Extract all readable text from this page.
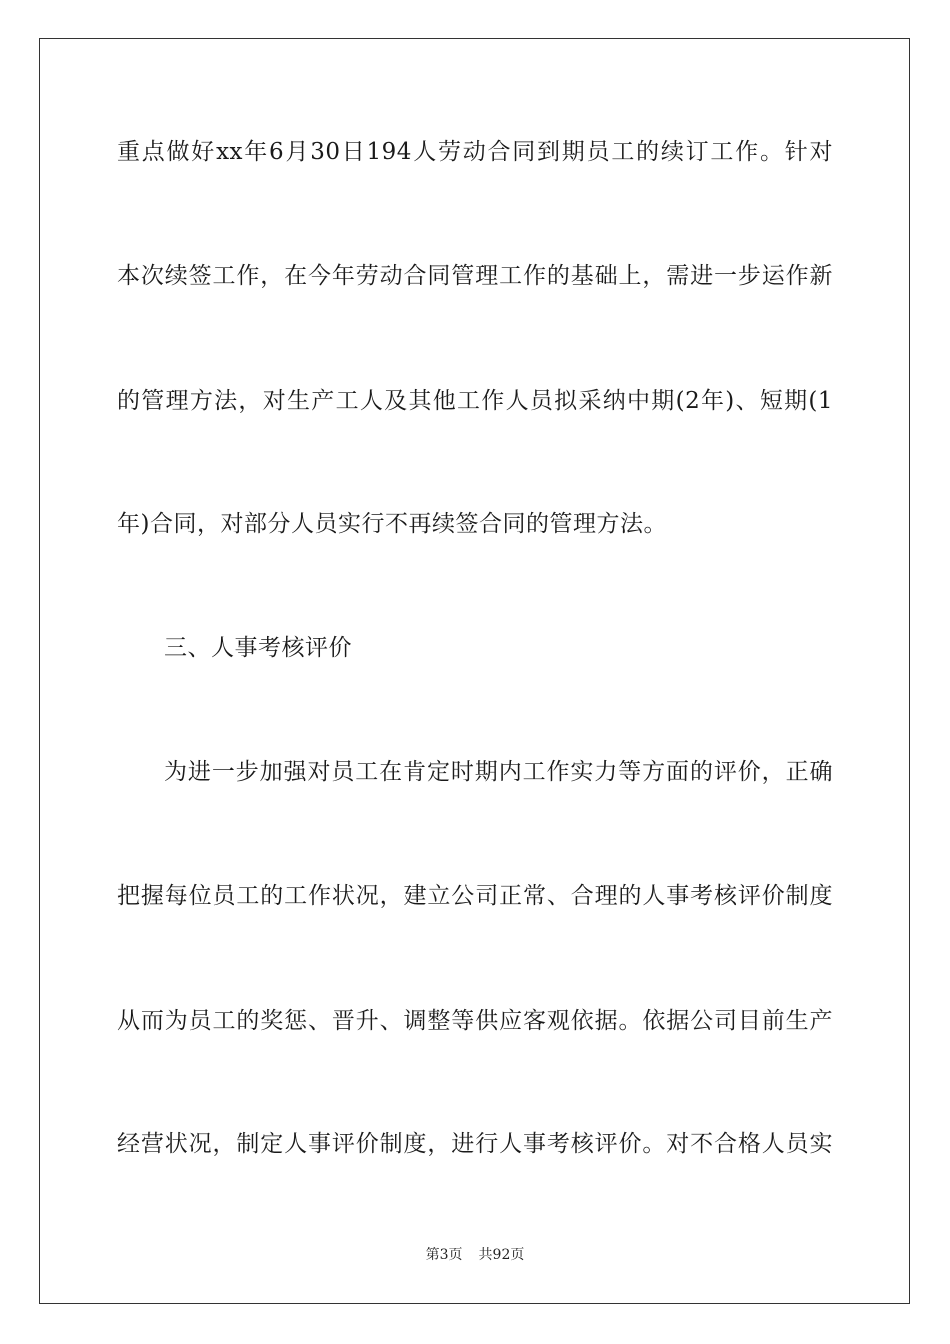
重点做好xx年6月30日194人劳动合同到期员工的续订工作。针对
本次续签工作，在今年劳动合同管理工作的基础上，需进一步运作新
的管理方法，对生产工人及其他工作人员拟采纳中期(2年)、短期(1
年)合同，对部分人员实行不再续签合同的管理方法。
三、人事考核评价
为进一步加强对员工在肯定时期内工作实力等方面的评价，正确
把握每位员工的工作状况，建立公司正常、合理的人事考核评价制度
从而为员工的奖惩、晋升、调整等供应客观依据。依据公司目前生产
经营状况，制定人事评价制度，进行人事考核评价。对不合格人员实
第3页 共92页
